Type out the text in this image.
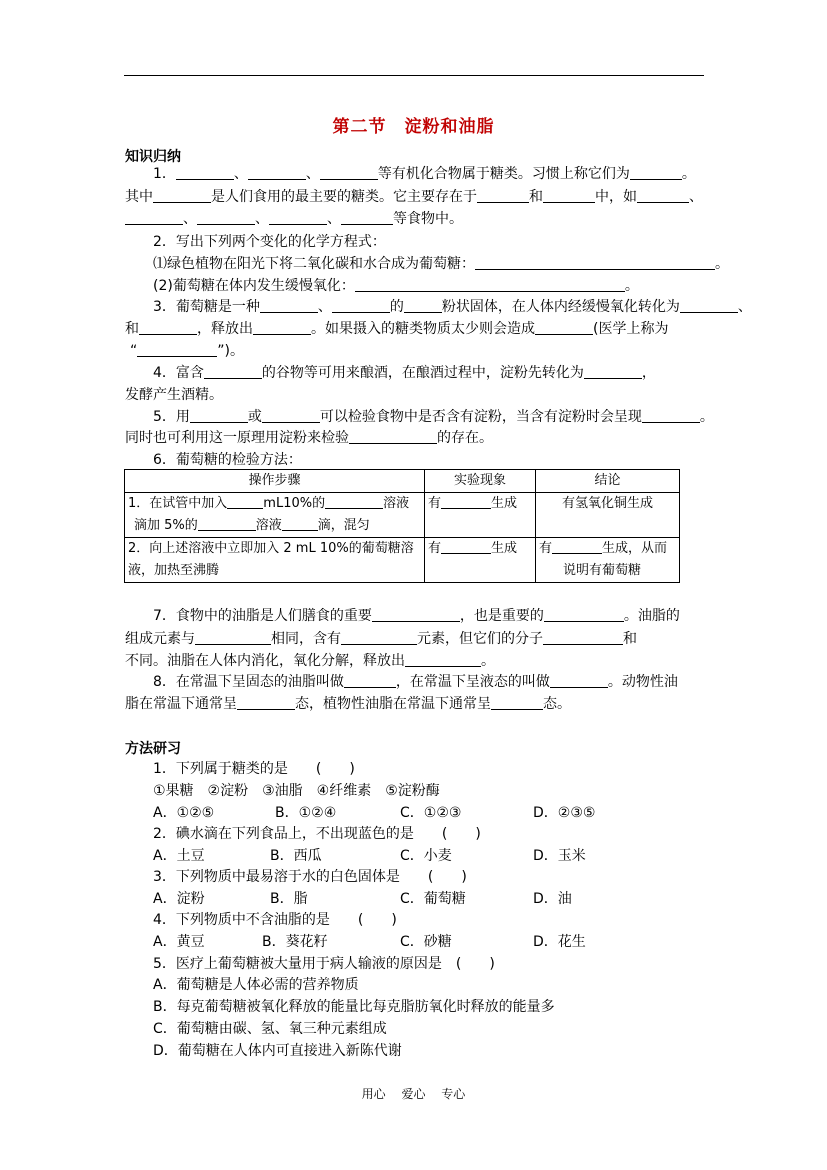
第二节　淀粉和油脂
知识归纳
1．	、	、	等有机化合物属于糖类。习惯上称它们为	。
其中	是人们食用的最主要的糖类。它主要存在于	和	中，如	、
、	、	、	等食物中。
2．写出下列两个变化的化学方程式：
⑴绿色植物在阳光下将二氧化碳和水合成为葡萄糖：	。
(2)葡萄糖在体内发生缓慢氧化：	。
3．葡萄糖是一种	、	的	粉状固体，在人体内经缓慢氧化转化为	、
和	，释放出	。如果摄入的糖类物质太少则会造成	(医学上称为
“	”)。
4．富含	的谷物等可用来酿酒，在酿酒过程中，淀粉先转化为	，
发酵产生酒精。
5．用	或	可以检验食物中是否含有淀粉，当含有淀粉时会呈现	。
同时也可利用这一原理用淀粉来检验	的存在。
6．葡萄糖的检验方法：
操作步骤	实验现象	结论
1．在试管中加入 mL10%的 溶液
滴加 5%的 溶液 滴，混匀	有 生成	有氢氧化铜生成
2．向上述溶液中立即加入 2 mL 10%的葡萄糖溶
液，加热至沸腾	有 生成	有 生成，从而
说明有葡萄糖
7．食物中的油脂是人们膳食的重要	，也是重要的	。油脂的
组成元素与	相同，含有	元素，但它们的分子	和
不同。油脂在人体内消化，氧化分解，释放出	。
8．在常温下呈固态的油脂叫做	，在常温下呈液态的叫做	。动物性油
脂在常温下通常呈	态，植物性油脂在常温下通常呈	态。
方法研习
1．下列属于糖类的是　　(　　)
①果糖　②淀粉　③油脂　④纤维素　⑤淀粉酶
A．①②⑤	B．①②④	C．①②③	D．②③⑤
2．碘水滴在下列食品上，不出现蓝色的是　　(　　)
A．土豆	B．西瓜	C．小麦	D．玉米
3．下列物质中最易溶于水的白色固体是　　(　　)
A．淀粉	B．脂	C．葡萄糖	D．油
4．下列物质中不含油脂的是　　(　　)
A．黄豆	B．葵花籽	C．砂糖	D．花生
5．医疗上葡萄糖被大量用于病人输液的原因是　(　　)
A．葡萄糖是人体必需的营养物质
B．每克葡萄糖被氧化释放的能量比每克脂肪氧化时释放的能量多
C．葡萄糖由碳、氢、氧三种元素组成
D．葡萄糖在人体内可直接进入新陈代谢
用心 爱心 专心
